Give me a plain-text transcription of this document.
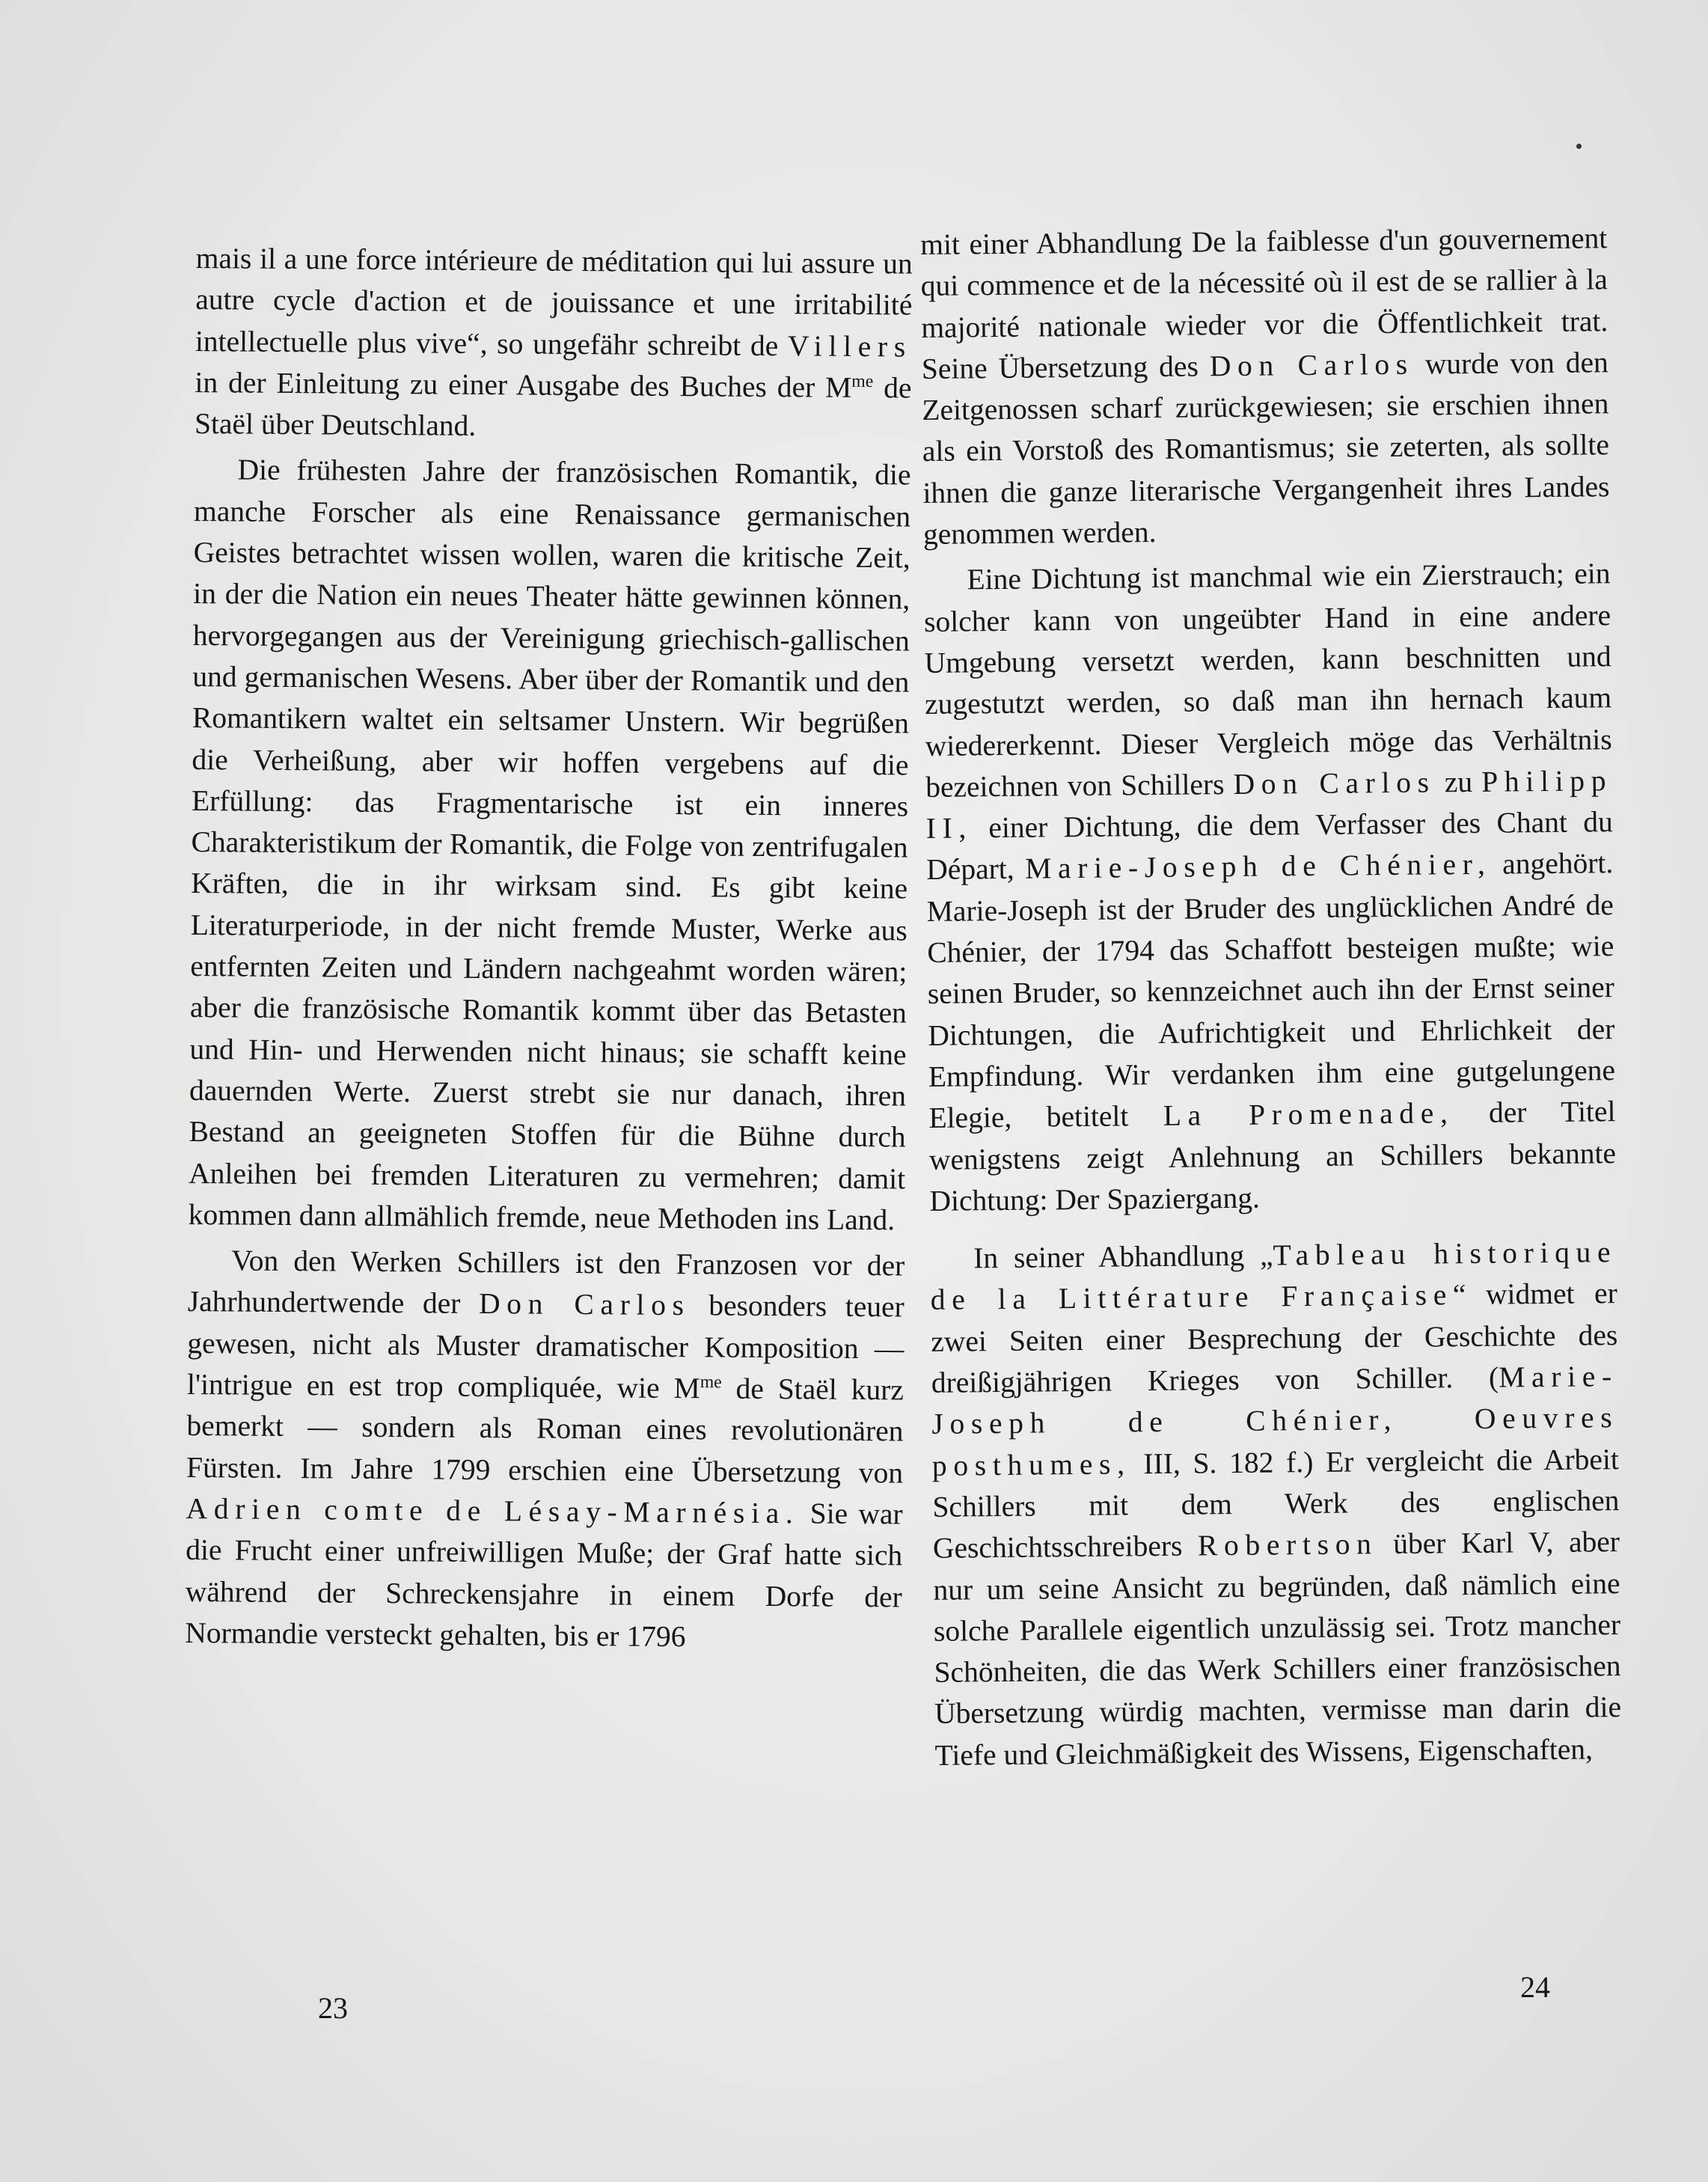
mais il a une force intérieure de méditation qui lui assure un autre cycle d'action et de jouissance et une irritabilité intellectuelle plus vive“, so ungefähr schreibt de Villers in der Einleitung zu einer Ausgabe des Buches der $M^{me}$ de Staël über Deutschland.

Die frühesten Jahre der französischen Romantik, die manche Forscher als eine Renaissance germanischen Geistes betrachtet wissen wollen, waren die kritische Zeit, in der die Nation ein neues Theater hätte gewinnen können, hervorgegangen aus der Vereinigung griechisch-gallischen und germanischen Wesens. Aber über der Romantik und den Romantikern waltet ein seltsamer Unstern. Wir begrüßen die Verheißung, aber wir hoffen vergebens auf die Erfüllung: das Fragmentarische ist ein inneres Charakteristikum der Romantik, die Folge von zentrifugalen Kräften, die in ihr wirksam sind. Es gibt keine Literaturperiode, in der nicht fremde Muster, Werke aus entfernten Zeiten und Ländern nachgeahmt worden wären; aber die französische Romantik kommt über das Betasten und Hin- und Herwenden nicht hinaus; sie schafft keine dauernden Werte. Zuerst strebt sie nur danach, ihren Bestand an geeigneten Stoffen für die Bühne durch Anleihen bei fremden Literaturen zu vermehren; damit kommen dann allmählich fremde, neue Methoden ins Land.

Von den Werken Schillers ist den Franzosen vor der Jahrhundertwende der Don Carlos besonders teuer gewesen, nicht als Muster dramatischer Komposition — l'intrigue en est trop compliquée, wie $M^{me}$ de Staël kurz bemerkt — sondern als Roman eines revolutionären Fürsten. Im Jahre 1799 erschien eine Übersetzung von Adrien comte de Lésay-Marnésia. Sie war die Frucht einer unfreiwilligen Muße; der Graf hatte sich während der Schreckensjahre in einem Dorfe der Normandie versteckt gehalten, bis er 1796

mit einer Abhandlung De la faiblesse d'un gouvernement qui commence et de la nécessité où il est de se rallier à la majorité nationale wieder vor die Öffentlichkeit trat. Seine Übersetzung des Don Carlos wurde von den Zeitgenossen scharf zurückgewiesen; sie erschien ihnen als ein Vorstoß des Romantismus; sie zeterten, als sollte ihnen die ganze literarische Vergangenheit ihres Landes genommen werden.

Eine Dichtung ist manchmal wie ein Zierstrauch; ein solcher kann von ungeübter Hand in eine andere Umgebung versetzt werden, kann beschnitten und zugestutzt werden, so daß man ihn hernach kaum wiedererkennt. Dieser Vergleich möge das Verhältnis bezeichnen von Schillers Don Carlos zu Philipp II, einer Dichtung, die dem Verfasser des Chant du Départ, Marie-Joseph de Chénier, angehört. Marie-Joseph ist der Bruder des unglücklichen André de Chénier, der 1794 das Schaffott besteigen mußte; wie seinen Bruder, so kennzeichnet auch ihn der Ernst seiner Dichtungen, die Aufrichtigkeit und Ehrlichkeit der Empfindung. Wir verdanken ihm eine gutgelungene Elegie, betitelt La Promenade, der Titel wenigstens zeigt Anlehnung an Schillers bekannte Dichtung: Der Spaziergang.

In seiner Abhandlung „Tableau historique de la Littérature Française“ widmet er zwei Seiten einer Besprechung der Geschichte des dreißigjährigen Krieges von Schiller. (Marie-Joseph de Chénier, Oeuvres posthumes, III, S. 182 f.) Er vergleicht die Arbeit Schillers mit dem Werk des englischen Geschichtsschreibers Robertson über Karl V, aber nur um seine Ansicht zu begründen, daß nämlich eine solche Parallele eigentlich unzulässig sei. Trotz mancher Schönheiten, die das Werk Schillers einer französischen Übersetzung würdig machten, vermisse man darin die Tiefe und Gleichmäßigkeit des Wissens, Eigenschaften,

23
24
